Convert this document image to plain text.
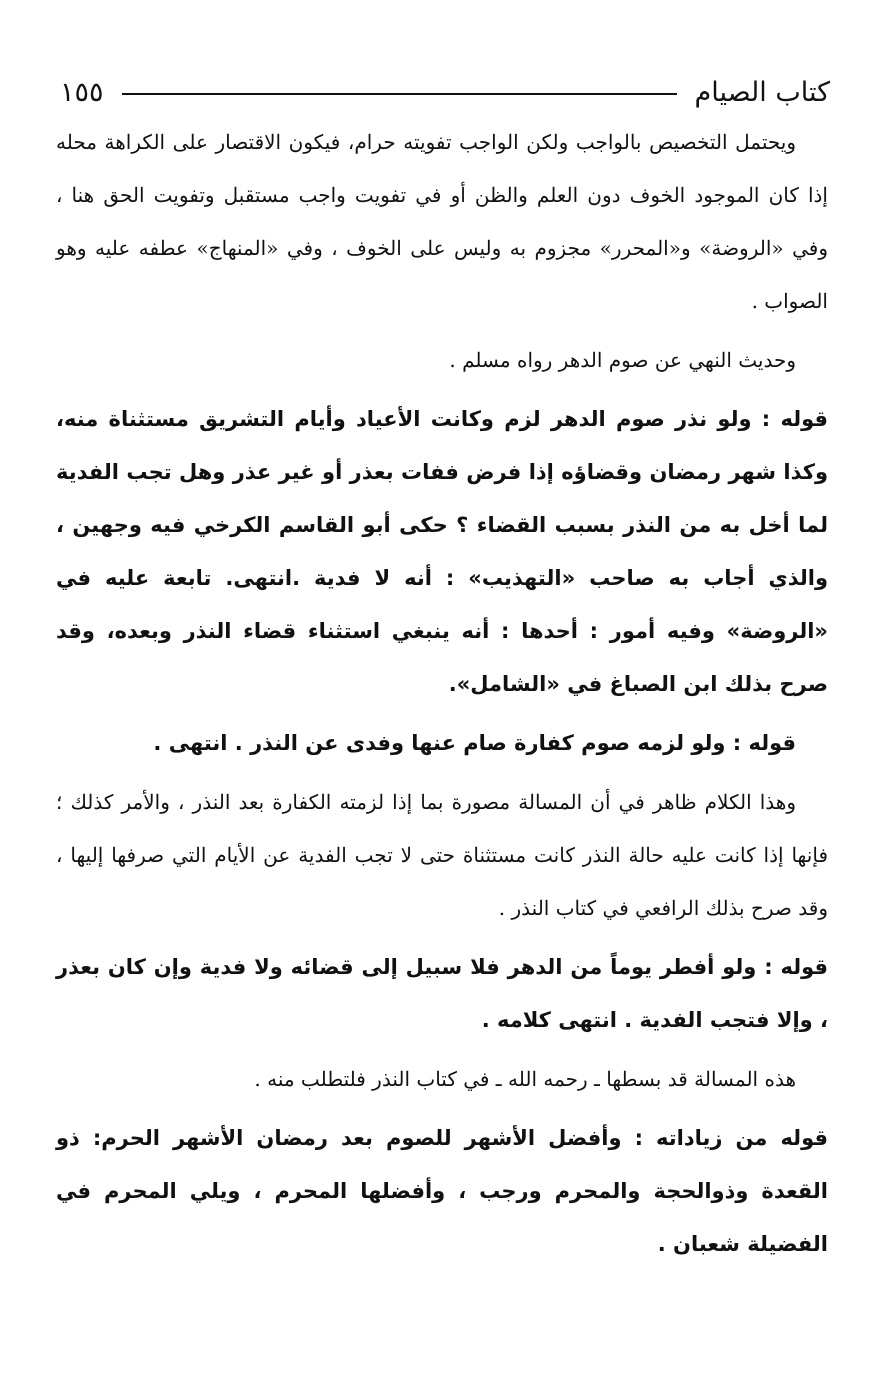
كتاب الصيام
١٥٥

ويحتمل التخصيص بالواجب ولكن الواجب تفويته حرام، فيكون الاقتصار على الكراهة محله إذا كان الموجود الخوف دون العلم والظن أو في تفويت واجب مستقبل وتفويت الحق هنا ، وفي «الروضة» و«المحرر» مجزوم به وليس على الخوف ، وفي «المنهاج» عطفه عليه وهو الصواب .

وحديث النهي عن صوم الدهر رواه مسلم .

قوله : ولو نذر صوم الدهر لزم وكانت الأعياد وأيام التشريق مستثناة منه، وكذا شهر رمضان وقضاؤه إذا فرض ففات بعذر أو غير عذر وهل تجب الفدية لما أخل به من النذر بسبب القضاء ؟ حكى أبو القاسم الكرخي فيه وجهين ، والذي أجاب به صاحب «التهذيب» : أنه لا فدية .انتهى. تابعة عليه في «الروضة» وفيه أمور : أحدها : أنه ينبغي استثناء قضاء النذر وبعده، وقد صرح بذلك ابن الصباغ في «الشامل».

قوله : ولو لزمه صوم كفارة صام عنها وفدى عن النذر . انتهى .

وهذا الكلام ظاهر في أن المسالة مصورة بما إذا لزمته الكفارة بعد النذر ، والأمر كذلك ؛ فإنها إذا كانت عليه حالة النذر كانت مستثناة حتى لا تجب الفدية عن الأيام التي صرفها إليها ، وقد صرح بذلك الرافعي في كتاب النذر .

قوله : ولو أفطر يوماً من الدهر فلا سبيل إلى قضائه ولا فدية وإن كان بعذر ، وإلا فتجب الفدية . انتهى كلامه .

هذه المسالة قد بسطها ـ رحمه الله ـ في كتاب النذر فلتطلب منه .

قوله من زياداته : وأفضل الأشهر للصوم بعد رمضان الأشهر الحرم: ذو القعدة وذوالحجة والمحرم ورجب ، وأفضلها المحرم ، ويلي المحرم في الفضيلة شعبان .
